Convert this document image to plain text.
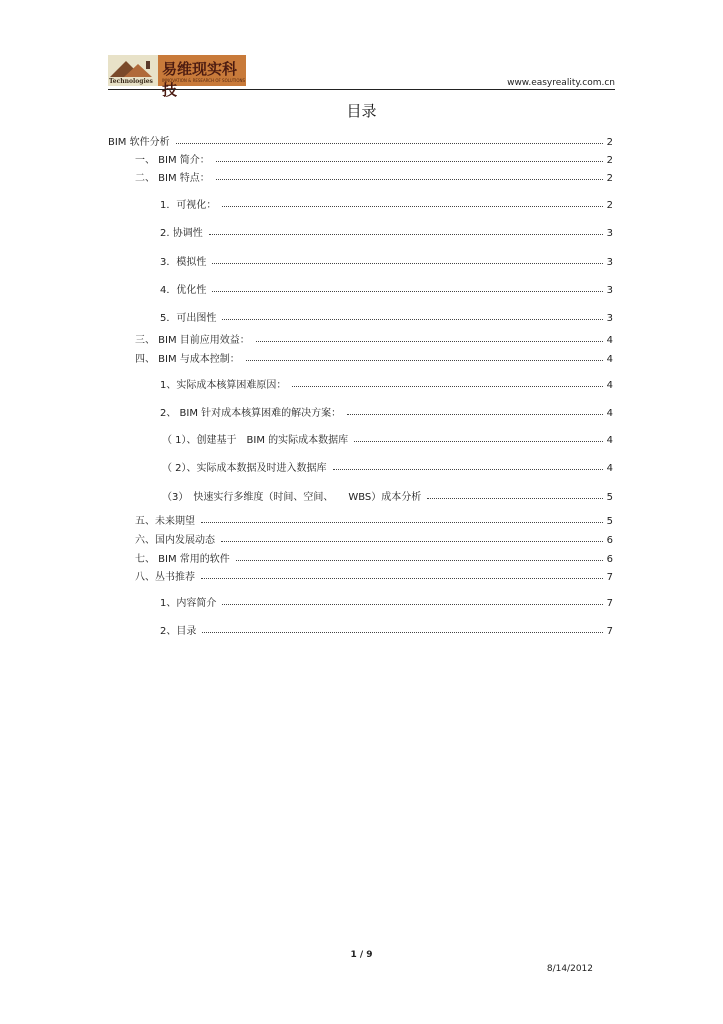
Technologies
易维现实科技
INNOVATION & RESEARCH OF SOLUTIONS	www.easyreality.com.cn
目录
BIM 软件分析	2
一、 BIM 简介：	2
二、 BIM 特点：	2
1．可视化：	2
2. 协调性	3
3．模拟性	3
4．优化性	3
5．可出图性	3
三、 BIM 目前应用效益：	4
四、 BIM 与成本控制：	4
1、实际成本核算困难原因：	4
2、 BIM 针对成本核算困难的解决方案：	4
（ 1）、创建基于　BIM 的实际成本数据库	4
（ 2）、实际成本数据及时进入数据库	4
（3）　快速实行多维度（时间、空间、　　WBS）成本分析	5
五、未来期望	5
六、国内发展动态	6
七、 BIM 常用的软件	6
八、丛书推荐	7
1、内容简介	7
2、目录	7
1 / 9
8/14/2012
